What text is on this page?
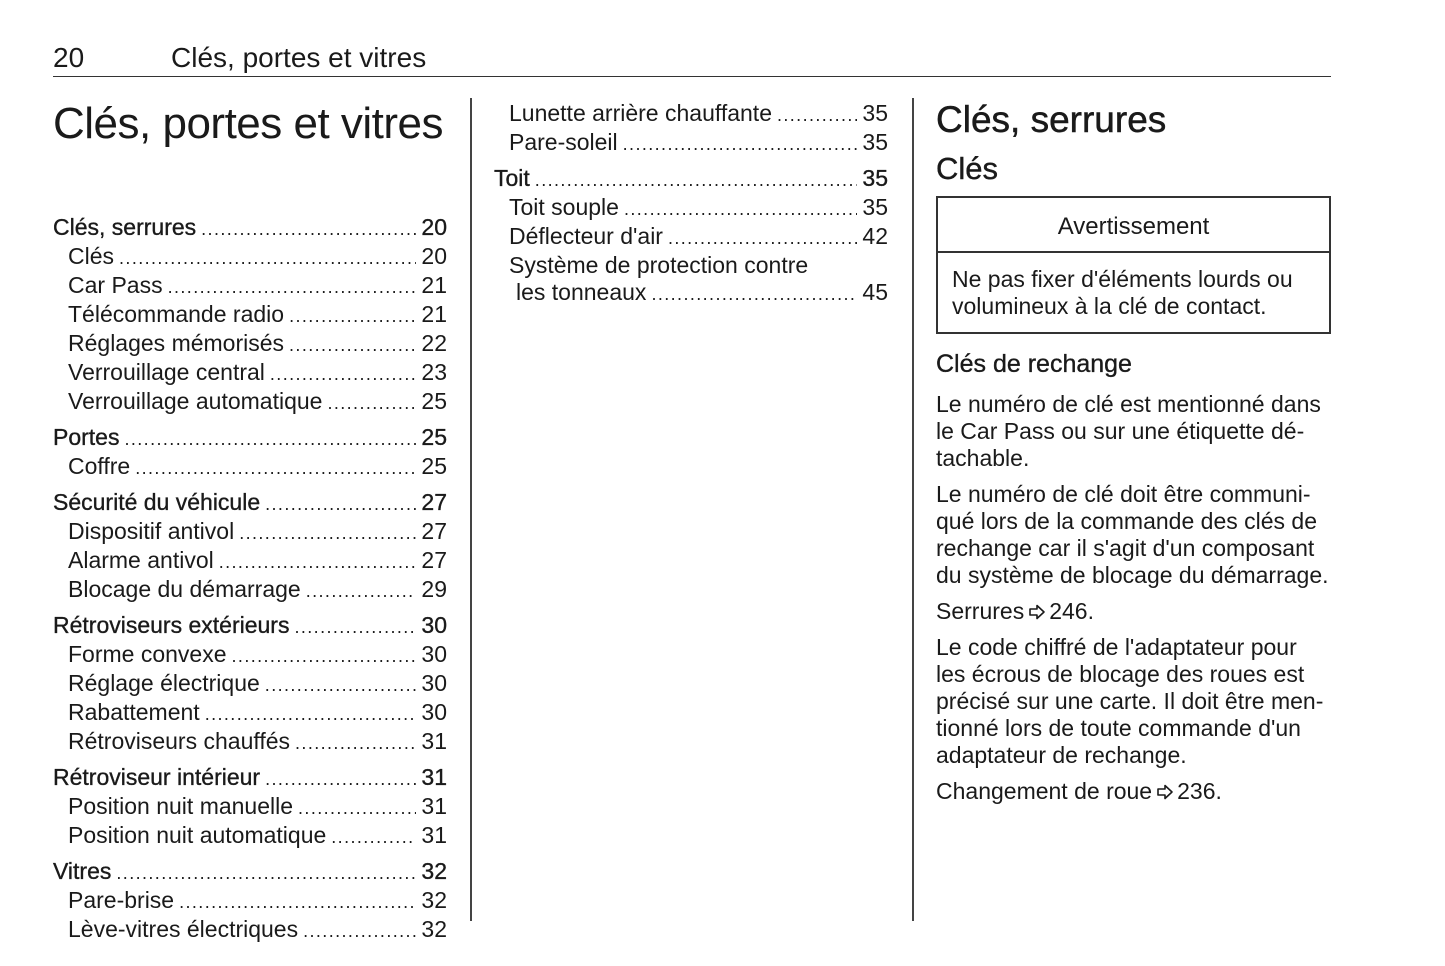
20	Clés, portes et vitres
Clés, portes et vitres
Clés, serrures .....	20
Clés .....	20
Car Pass .....	21
Télécommande radio .....	21
Réglages mémorisés .....	22
Verrouillage central .....	23
Verrouillage automatique .....	25
Portes .....	25
Coffre .....	25
Sécurité du véhicule .....	27
Dispositif antivol .....	27
Alarme antivol .....	27
Blocage du démarrage .....	29
Rétroviseurs extérieurs .....	30
Forme convexe .....	30
Réglage électrique .....	30
Rabattement .....	30
Rétroviseurs chauffés .....	31
Rétroviseur intérieur .....	31
Position nuit manuelle .....	31
Position nuit automatique .....	31
Vitres .....	32
Pare-brise .....	32
Lève-vitres électriques .....	32
Lunette arrière chauffante .....	35
Pare-soleil .....	35
Toit .....	35
Toit souple .....	35
Déflecteur d'air .....	42
Système de protection contre
les tonneaux .....	45
Clés, serrures
Clés
Avertissement
Ne pas fixer d'éléments lourds ou volumineux à la clé de contact.
Clés de rechange

Le numéro de clé est mentionné dans le Car Pass ou sur une étiquette détachable.

Le numéro de clé doit être communiqué lors de la commande des clés de rechange car il s'agit d'un composant du système de blocage du démarrage.

Serrures 246.

Le code chiffré de l'adaptateur pour les écrous de blocage des roues est précisé sur une carte. Il doit être mentionné lors de toute commande d'un adaptateur de rechange.

Changement de roue 236.
